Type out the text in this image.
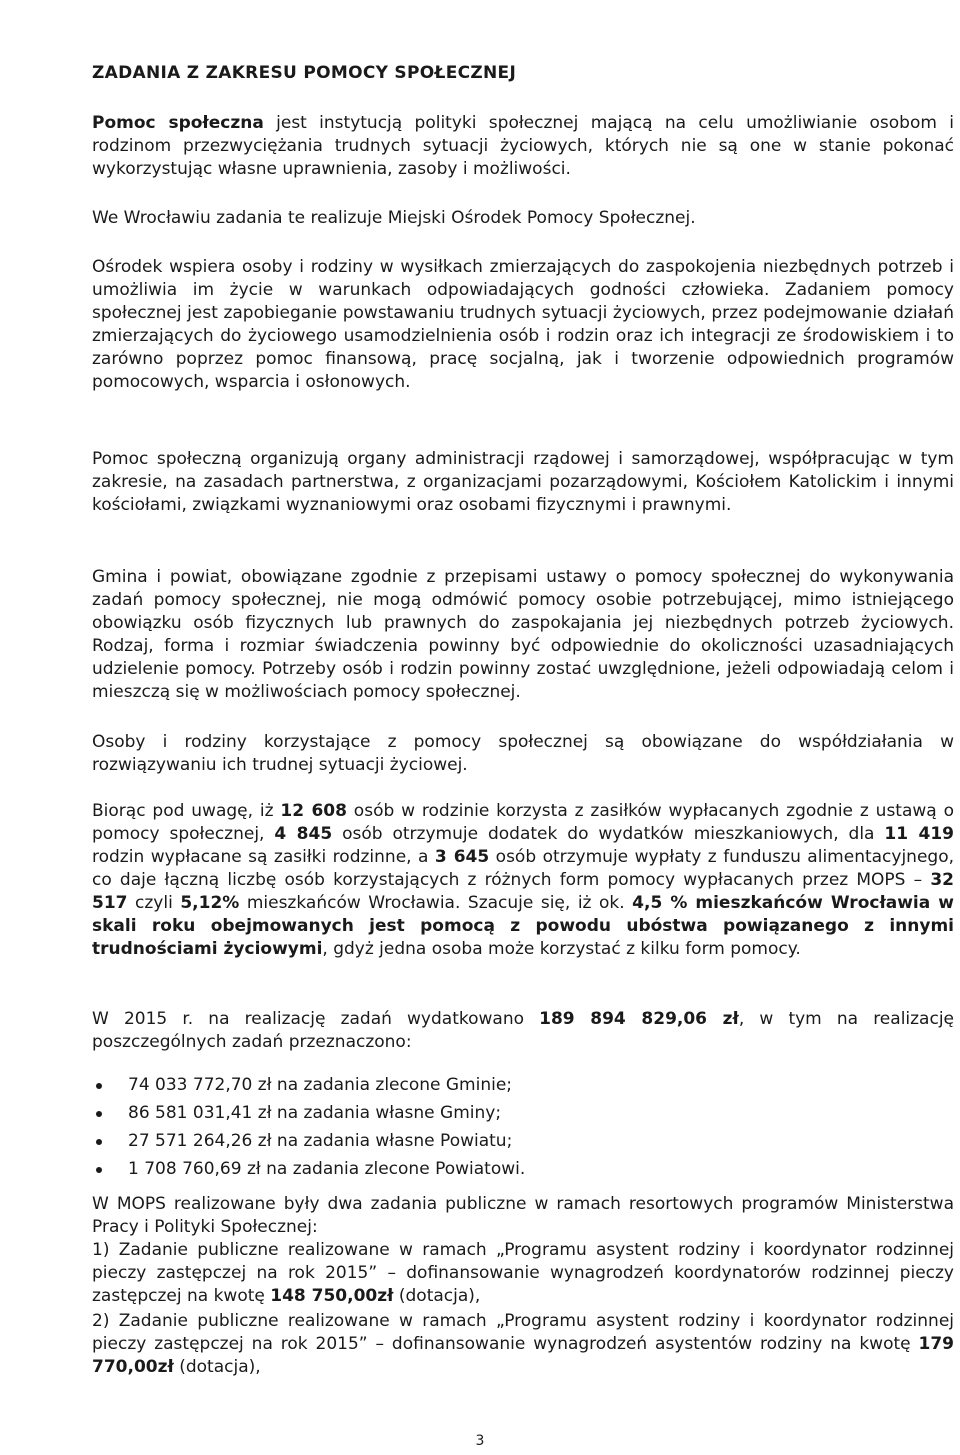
ZADANIA Z ZAKRESU POMOCY SPOŁECZNEJ

Pomoc społeczna jest instytucją polityki społecznej mającą na celu umożliwianie osobom i rodzinom przezwyciężania trudnych sytuacji życiowych, których nie są one w stanie pokonać wykorzystując własne uprawnienia, zasoby i możliwości.

We Wrocławiu zadania te realizuje Miejski Ośrodek Pomocy Społecznej.

Ośrodek wspiera osoby i rodziny w wysiłkach zmierzających do zaspokojenia niezbędnych potrzeb i umożliwia im życie w warunkach odpowiadających godności człowieka. Zadaniem pomocy społecznej jest zapobieganie powstawaniu trudnych sytuacji życiowych, przez podejmowanie działań zmierzających do życiowego usamodzielnienia osób i rodzin oraz ich integracji ze środowiskiem i to zarówno poprzez pomoc finansową, pracę socjalną, jak i tworzenie odpowiednich programów pomocowych, wsparcia i osłonowych.

Pomoc społeczną organizują organy administracji rządowej i samorządowej, współpracując w tym zakresie, na zasadach partnerstwa, z organizacjami pozarządowymi, Kościołem Katolickim i innymi kościołami, związkami wyznaniowymi oraz osobami fizycznymi i prawnymi.

Gmina i powiat, obowiązane zgodnie z przepisami ustawy o pomocy społecznej do wykonywania zadań pomocy społecznej, nie mogą odmówić pomocy osobie potrzebującej, mimo istniejącego obowiązku osób fizycznych lub prawnych do zaspokajania jej niezbędnych potrzeb życiowych. Rodzaj, forma i rozmiar świadczenia powinny być odpowiednie do okoliczności uzasadniających udzielenie pomocy. Potrzeby osób i rodzin powinny zostać uwzględnione, jeżeli odpowiadają celom i mieszczą się w możliwościach pomocy społecznej.

Osoby i rodziny korzystające z pomocy społecznej są obowiązane do współdziałania w rozwiązywaniu ich trudnej sytuacji życiowej.

Biorąc pod uwagę, iż 12 608 osób w rodzinie korzysta z zasiłków wypłacanych zgodnie z ustawą o pomocy społecznej, 4 845 osób otrzymuje dodatek do wydatków mieszkaniowych, dla 11 419 rodzin wypłacane są zasiłki rodzinne, a 3 645 osób otrzymuje wypłaty z funduszu alimentacyjnego, co daje łączną liczbę osób korzystających z różnych form pomocy wypłacanych przez MOPS – 32 517 czyli 5,12% mieszkańców Wrocławia. Szacuje się, iż ok. 4,5 % mieszkańców Wrocławia w skali roku obejmowanych jest pomocą z powodu ubóstwa powiązanego z innymi trudnościami życiowymi, gdyż jedna osoba może korzystać z kilku form pomocy.

W 2015 r. na realizację zadań wydatkowano 189 894 829,06 zł, w tym na realizację poszczególnych zadań przeznaczono:

74 033 772,70 zł na zadania zlecone Gminie;
86 581 031,41 zł na zadania własne Gminy;
27 571 264,26 zł na zadania własne Powiatu;
1 708 760,69 zł na zadania zlecone Powiatowi.

W MOPS realizowane były dwa zadania publiczne w ramach resortowych programów Ministerstwa Pracy i Polityki Społecznej:

1) Zadanie publiczne realizowane w ramach „Programu asystent rodziny i koordynator rodzinnej pieczy zastępczej na rok 2015” – dofinansowanie wynagrodzeń koordynatorów rodzinnej pieczy zastępczej na kwotę 148 750,00zł (dotacja),

2) Zadanie publiczne realizowane w ramach „Programu asystent rodziny i koordynator rodzinnej pieczy zastępczej na rok 2015” – dofinansowanie wynagrodzeń asystentów rodziny na kwotę 179 770,00zł (dotacja),

3
